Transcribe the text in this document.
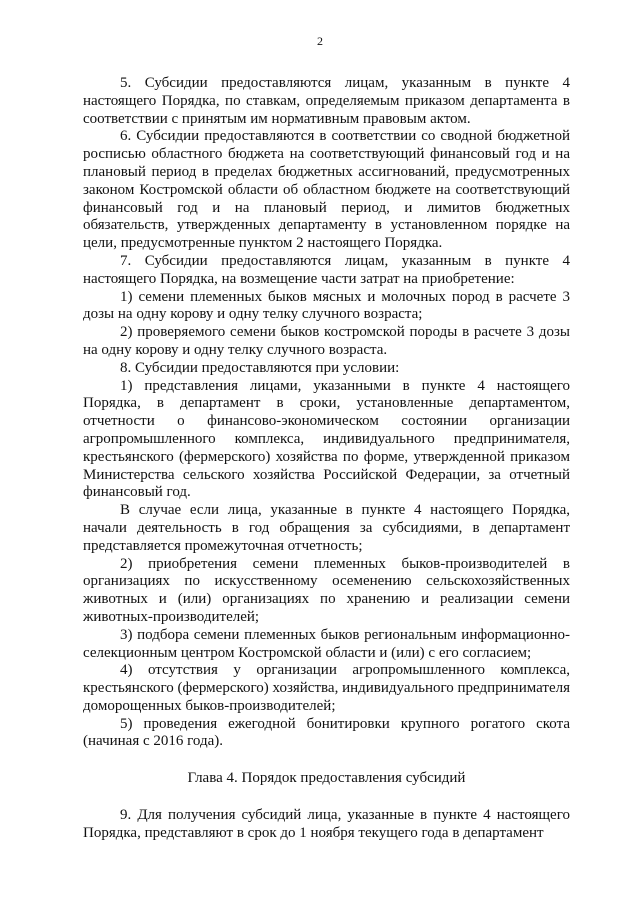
2

5. Субсидии предоставляются лицам, указанным в пункте 4 настоящего Порядка, по ставкам, определяемым приказом департамента в соответствии с принятым им нормативным правовым актом.

6. Субсидии предоставляются в соответствии со сводной бюджетной росписью областного бюджета на соответствующий финансовый год и на плановый период в пределах бюджетных ассигнований, предусмотренных законом Костромской области об областном бюджете на соответствующий финансовый год и на плановый период, и лимитов бюджетных обязательств, утвержденных департаменту в установленном порядке на цели, предусмотренные пунктом 2 настоящего Порядка.

7. Субсидии предоставляются лицам, указанным в пункте 4 настоящего Порядка, на возмещение части затрат на приобретение:

1) семени племенных быков мясных и молочных пород в расчете 3 дозы на одну корову и одну телку случного возраста;

2) проверяемого семени быков костромской породы в расчете 3 дозы на одну корову и одну телку случного возраста.

8. Субсидии предоставляются при условии:

1) представления лицами, указанными в пункте 4 настоящего Порядка, в департамент в сроки, установленные департаментом, отчетности о финансово-экономическом состоянии организации агропромышленного комплекса, индивидуального предпринимателя, крестьянского (фермерского) хозяйства по форме, утвержденной приказом Министерства сельского хозяйства Российской Федерации, за отчетный финансовый год.

В случае если лица, указанные в пункте 4 настоящего Порядка, начали деятельность в год обращения за субсидиями, в департамент представляется промежуточная отчетность;

2) приобретения семени племенных быков-производителей в организациях по искусственному осеменению сельскохозяйственных животных и (или) организациях по хранению и реализации семени животных-производителей;

3) подбора семени племенных быков региональным информационно-селекционным центром Костромской области и (или) с его согласием;

4) отсутствия у организации агропромышленного комплекса, крестьянского (фермерского) хозяйства, индивидуального предпринимателя доморощенных быков-производителей;

5) проведения ежегодной бонитировки крупного рогатого скота (начиная с 2016 года).

Глава 4. Порядок предоставления субсидий

9. Для получения субсидий лица, указанные в пункте 4 настоящего Порядка, представляют в срок до 1 ноября текущего года в департамент
